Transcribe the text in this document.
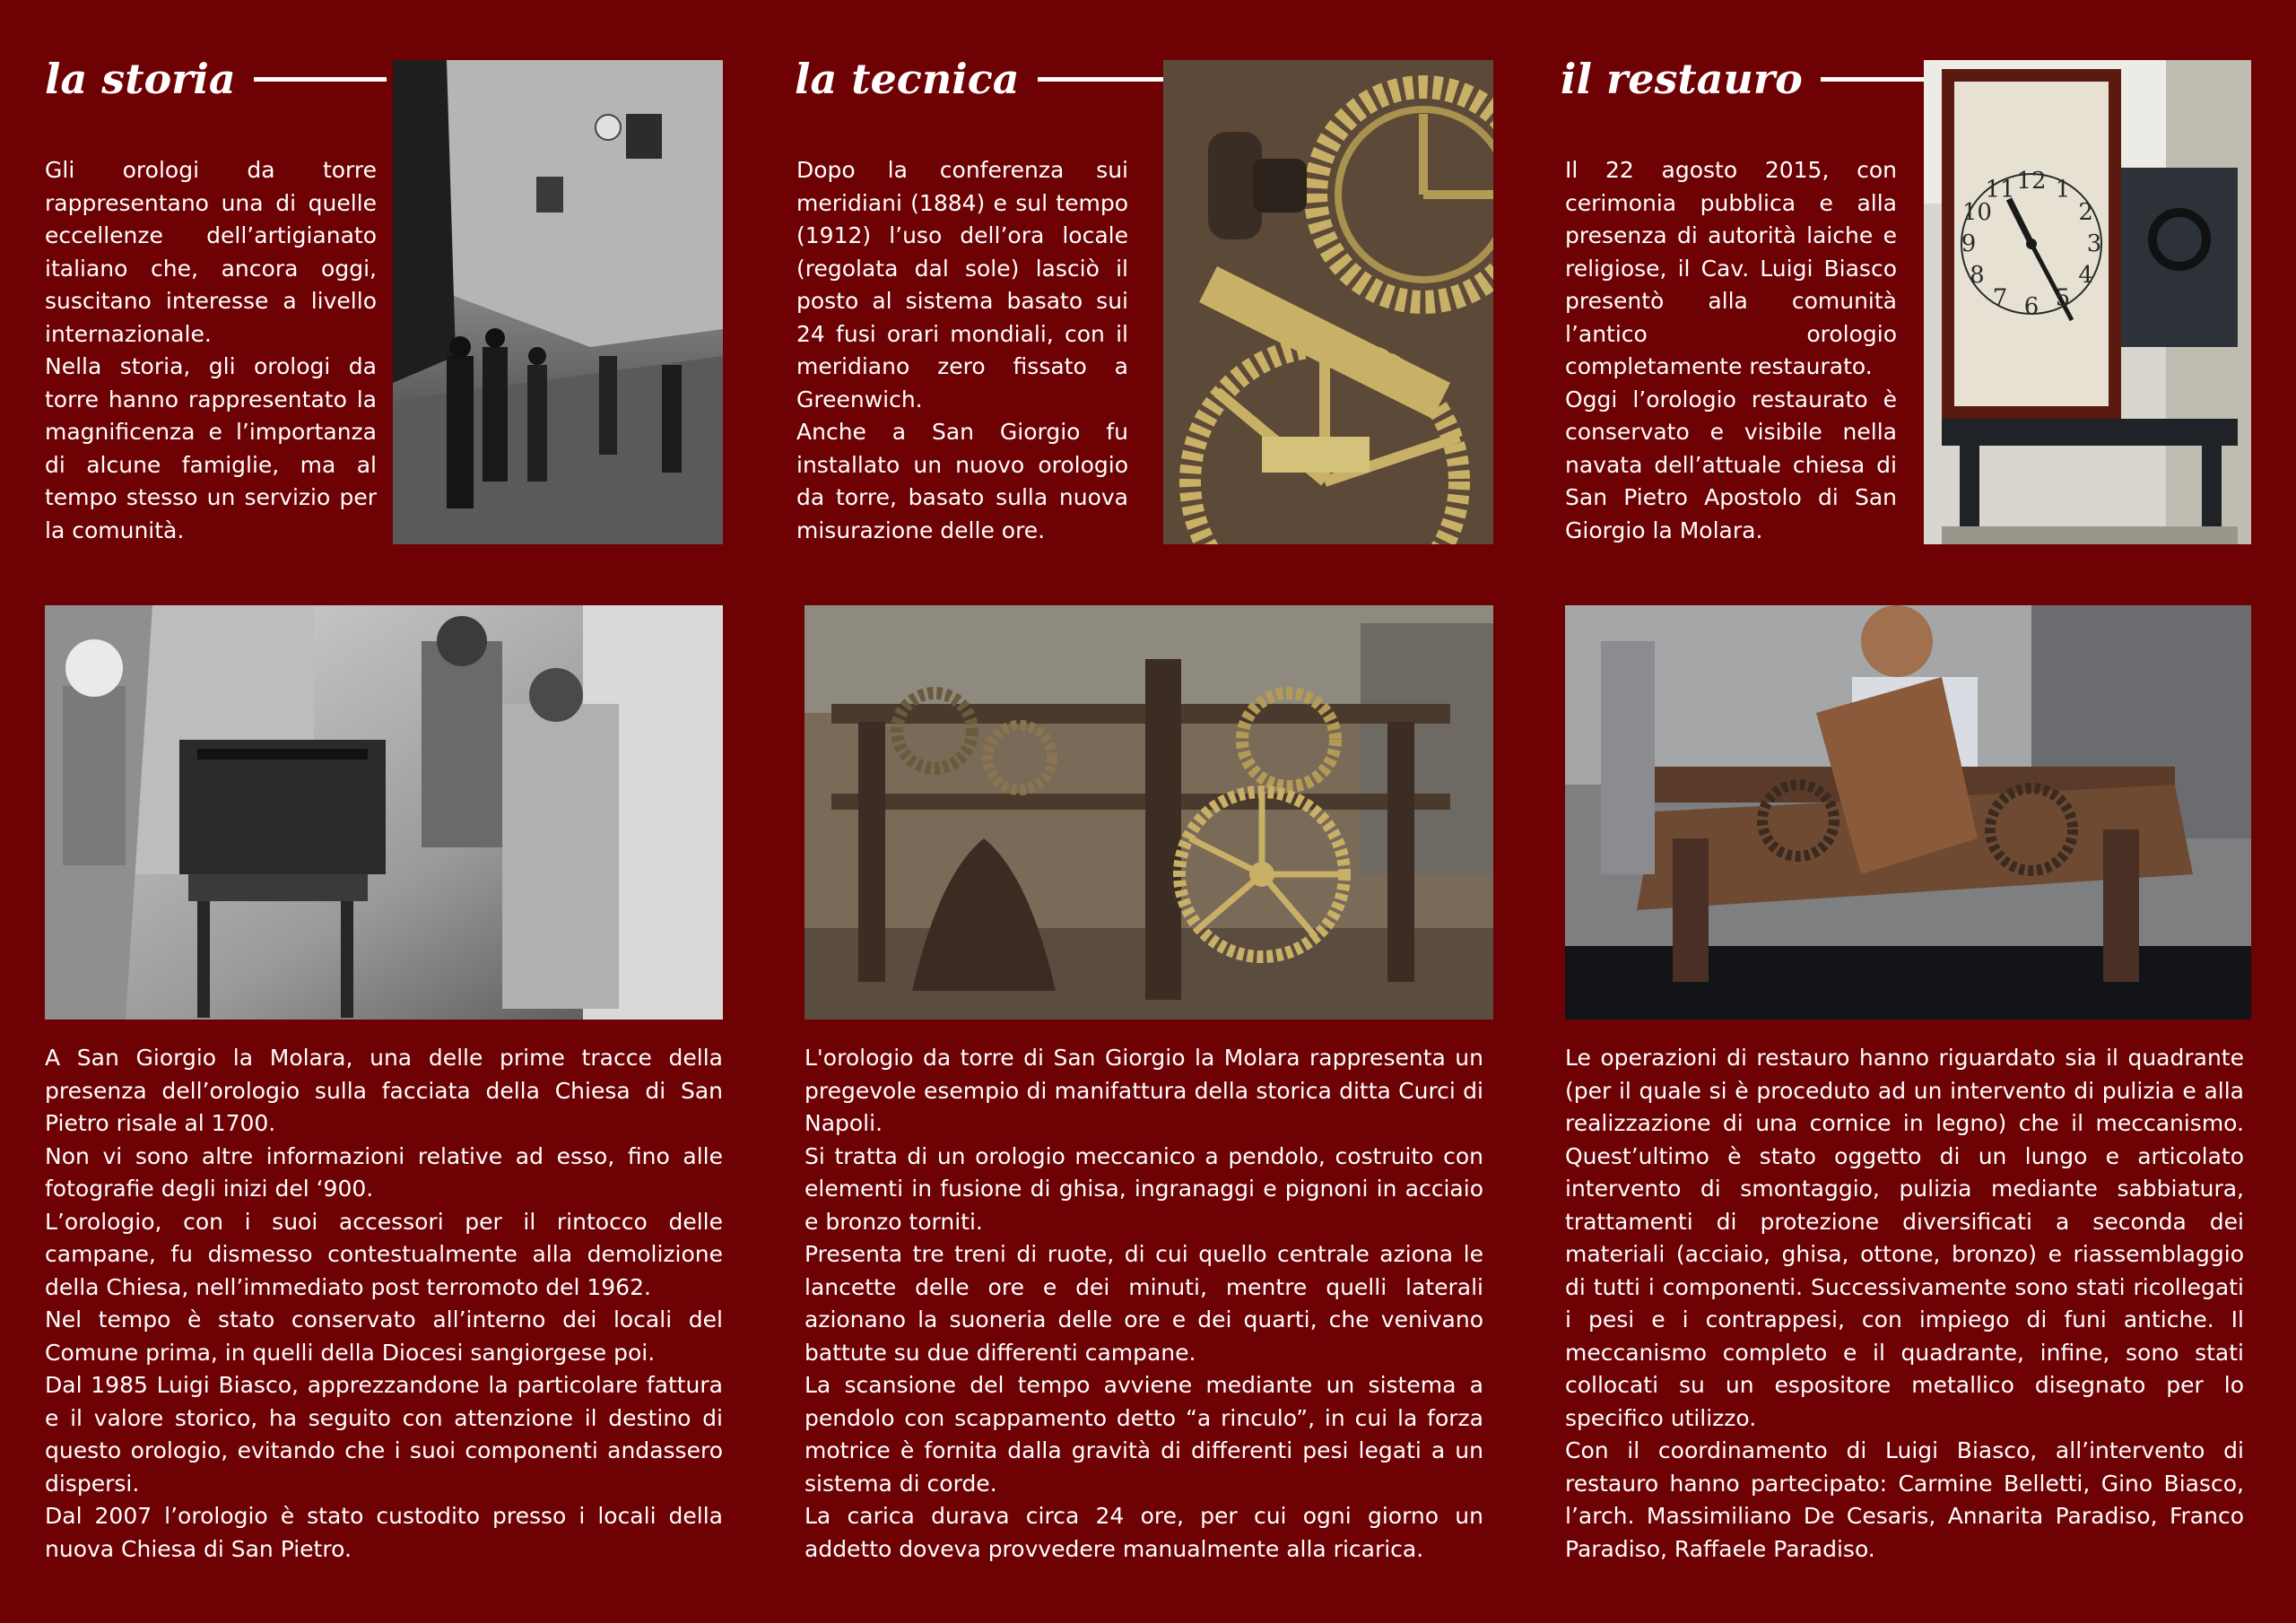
la storia

Gli orologi da torre rappresentano una di quelle eccellenze dell’artigianato italiano che, ancora oggi, suscitano interesse a livello internazionale.

Nella storia, gli orologi da torre hanno rappresentato la magnificenza e l’importanza di alcune famiglie, ma al tempo stesso un servizio per la comunità.

A San Giorgio la Molara, una delle prime tracce della presenza dell’orologio sulla facciata della Chiesa di San Pietro risale al 1700.

Non vi sono altre informazioni relative ad esso, fino alle fotografie degli inizi del ‘900.

L’orologio, con i suoi accessori per il rintocco delle campane, fu dismesso contestualmente alla demolizione della Chiesa, nell’immediato post terromoto del 1962.

Nel tempo è stato conservato all’interno dei locali del Comune prima, in quelli della Diocesi sangiorgese poi.

Dal 1985 Luigi Biasco, apprezzandone la particolare fattura e il valore storico, ha seguito con attenzione il destino di questo orologio, evitando che i suoi componenti andassero dispersi.

Dal 2007 l’orologio è stato custodito presso i locali della nuova Chiesa di San Pietro.

la tecnica

Dopo la conferenza sui meridiani (1884) e sul tempo (1912) l’uso dell’ora locale (regolata dal sole) lasciò il posto al sistema basato sui 24 fusi orari mondiali, con il meridiano zero fissato a Greenwich.

Anche a San Giorgio fu installato un nuovo orologio da torre, basato sulla nuova misurazione delle ore.

L'orologio da torre di San Giorgio la Molara rappresenta un pregevole esempio di manifattura della storica ditta Curci di Napoli.

Si tratta di un orologio meccanico a pendolo, costruito con elementi in fusione di ghisa, ingranaggi e pignoni in acciaio e bronzo torniti.

Presenta tre treni di ruote, di cui quello centrale aziona le lancette delle ore e dei minuti, mentre quelli laterali azionano la suoneria delle ore e dei quarti, che venivano battute su due differenti campane.

La scansione del tempo avviene mediante un sistema a pendolo con scappamento detto “a rinculo”, in cui la forza motrice è fornita dalla gravità di differenti pesi legati a un sistema di corde.

La carica durava circa 24 ore, per cui ogni giorno un addetto doveva provvedere manualmente alla ricarica.

il restauro

Il 22 agosto 2015, con cerimonia pubblica e alla presenza di autorità laiche e religiose, il Cav. Luigi Biasco presentò alla comunità l’antico orologio completamente restaurato.

Oggi l’orologio restaurato è conservato e visibile nella navata dell’attuale chiesa di San Pietro Apostolo di San Giorgio la Molara.

12 1
2
3
4
5
6
7
8
9
10
11

Le operazioni di restauro hanno riguardato sia il quadrante (per il quale si è proceduto ad un intervento di pulizia e alla realizzazione di una cornice in legno) che il meccanismo. Quest’ultimo è stato oggetto di un lungo e articolato intervento di smontaggio, pulizia mediante sabbiatura, trattamenti di protezione diversificati a seconda dei materiali (acciaio, ghisa, ottone, bronzo) e riassemblaggio di tutti i componenti. Successivamente sono stati ricollegati i pesi e i contrappesi, con impiego di funi antiche. Il meccanismo completo e il quadrante, infine, sono stati collocati su un espositore metallico disegnato per lo specifico utilizzo.

Con il coordinamento di Luigi Biasco, all’intervento di restauro hanno partecipato: Carmine Belletti, Gino Biasco, l’arch. Massimiliano De Cesaris, Annarita Paradiso, Franco Paradiso, Raffaele Paradiso.
